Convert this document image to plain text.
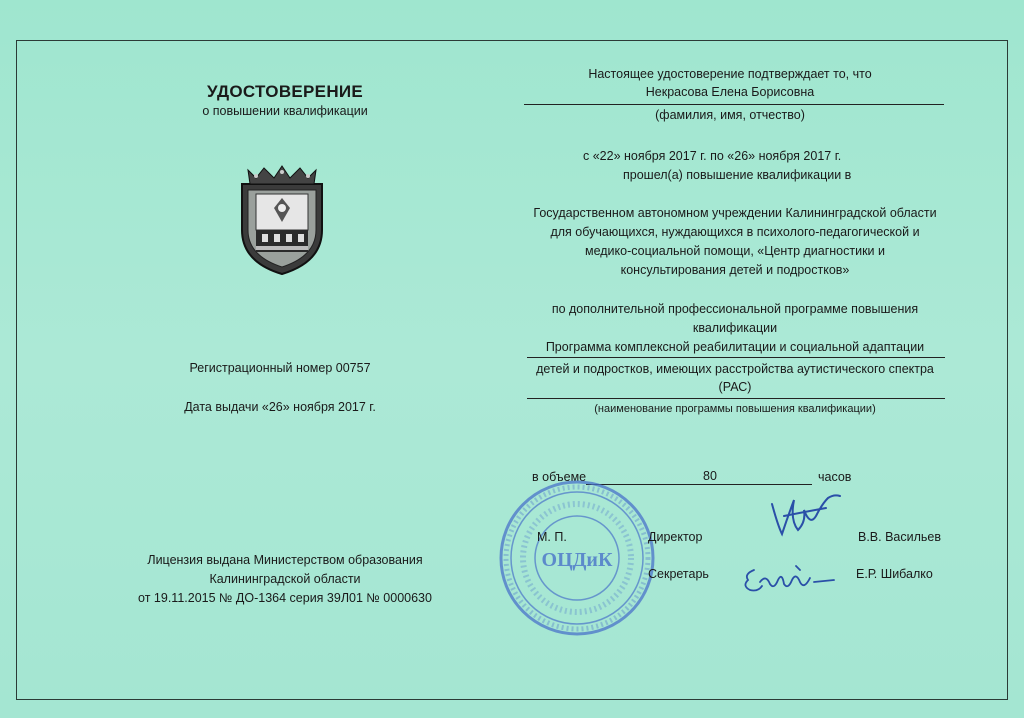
УДОСТОВЕРЕНИЕ
о повышении квалификации
Регистрационный номер 00757
Дата выдачи «26» ноября 2017 г.
Лицензия выдана Министерством образования
Калининградской области
от 19.11.2015 № ДО-1364 серия 39Л01 № 0000630
Настоящее удостоверение подтверждает то, что
Некрасова Елена Борисовна
(фамилия, имя, отчество)
с «22» ноября 2017 г. по «26» ноября 2017 г.
прошел(а) повышение квалификации в
Государственном автономном учреждении Калининградской области
для обучающихся, нуждающихся в психолого-педагогической и
медико-социальной помощи, «Центр диагностики и
консультирования детей и подростков»
по дополнительной профессиональной программе повышения
квалификации
Программа комплексной реабилитации и социальной адаптации
детей и подростков, имеющих расстройства аутистического спектра
(РАС)
(наименование программы повышения квалификации)
в объеме	80	часов
ОЦДиК
М. П.	Директор	В.В. Васильев
Секретарь	Е.Р. Шибалко
